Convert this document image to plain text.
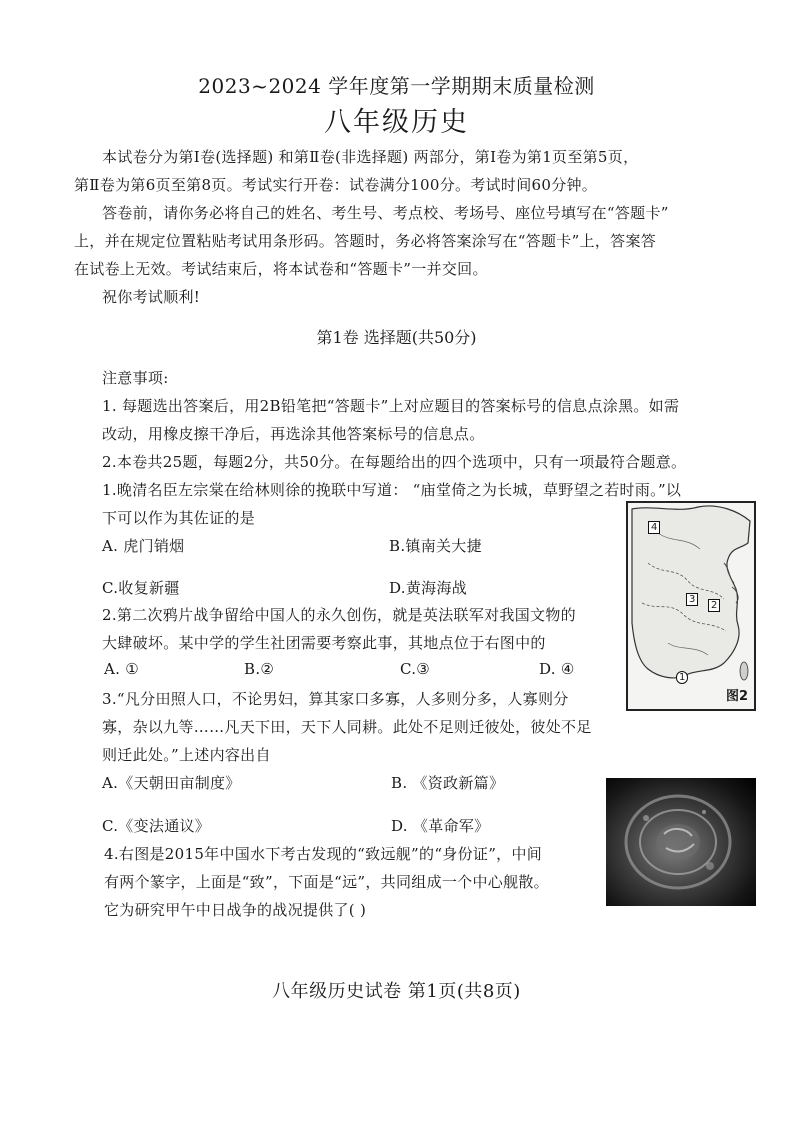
2023~2024 学年度第一学期期末质量检测
八年级历史
本试卷分为第Ⅰ卷(选择题) 和第Ⅱ卷(非选择题) 两部分，第Ⅰ卷为第1页至第5页，
第Ⅱ卷为第6页至第8页。考试实行开卷：试卷满分100分。考试时间60分钟。
答卷前，请你务必将自己的姓名、考生号、考点校、考场号、座位号填写在“答题卡”
上，并在规定位置粘贴考试用条形码。答题时，务必将答案涂写在“答题卡”上，答案答
在试卷上无效。考试结束后，将本试卷和“答题卡”一并交回。
祝你考试顺利!
第1卷 选择题(共50分)
注意事项:
1. 每题选出答案后，用2B铅笔把“答题卡”上对应题目的答案标号的信息点涂黑。如需
改动，用橡皮擦干净后，再选涂其他答案标号的信息点。
2.本卷共25题，每题2分，共50分。在每题给出的四个选项中，只有一项最符合题意。
1.晚清名臣左宗棠在给林则徐的挽联中写道： “庙堂倚之为长城，草野望之若时雨。”以
下可以作为其佐证的是
A. 虎门销烟	B.镇南关大捷
C.收复新疆	D.黄海海战
2.第二次鸦片战争留给中国人的永久创伤，就是英法联军对我国文物的
大肆破坏。某中学的学生社团需要考察此事，其地点位于右图中的
A. ①	B.②	C.③	D. ④
3.“凡分田照人口，不论男妇，算其家口多寡，人多则分多，人寡则分
寡，杂以九等……凡天下田，天下人同耕。此处不足则迁彼处，彼处不足
则迁此处。”上述内容出自
A.《天朝田亩制度》	B. 《资政新篇》
C.《变法通议》	D. 《革命军》
4.右图是2015年中国水下考古发现的“致远舰”的“身份证”，中间
有两个篆字，上面是“致”，下面是“远”，共同组成一个中心舰散。
它为研究甲午中日战争的战况提供了( )
4
3
2
1
图2
八年级历史试卷 第1页(共8页)
